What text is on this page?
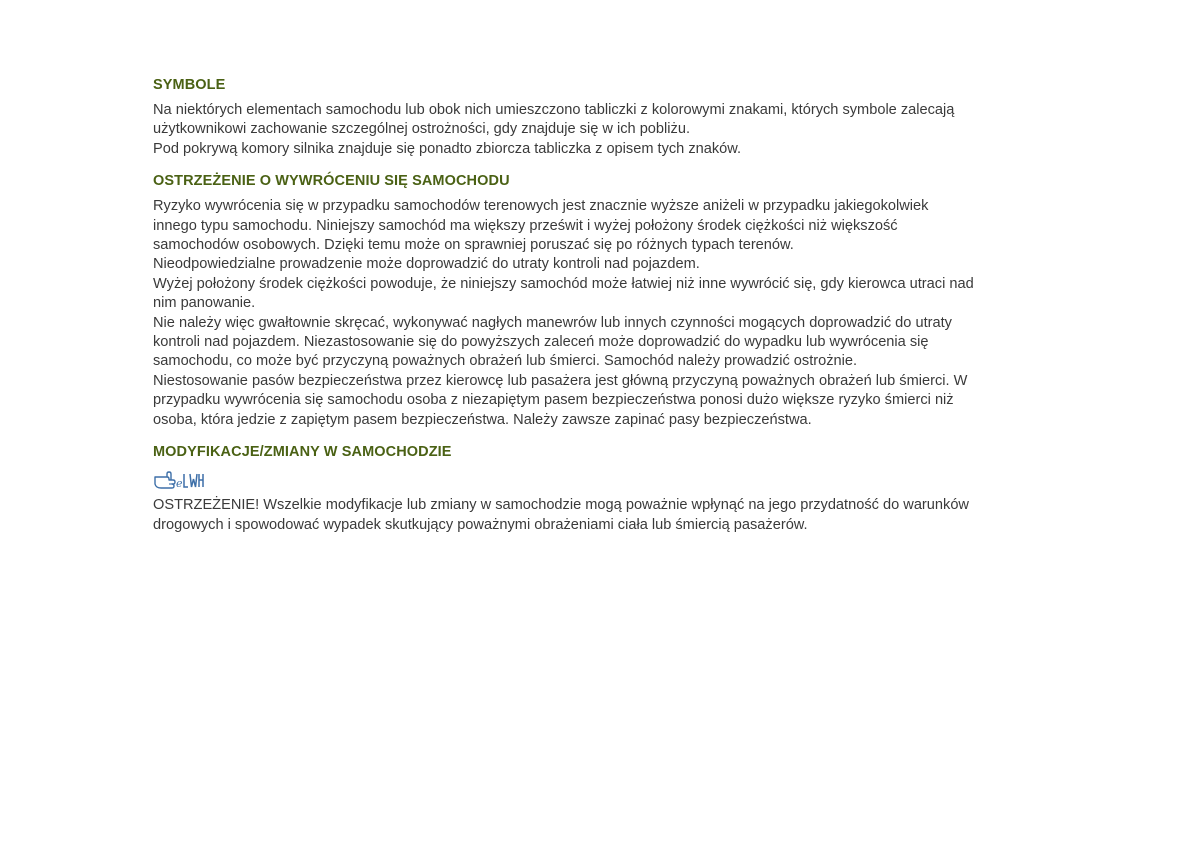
SYMBOLE

Na niektórych elementach samochodu lub obok nich umieszczono tabliczki z kolorowymi znakami, których symbole zalecają
użytkownikowi zachowanie szczególnej ostrożności, gdy znajduje się w ich pobliżu.
Pod pokrywą komory silnika znajduje się ponadto zbiorcza tabliczka z opisem tych znaków.

OSTRZEŻENIE O WYWRÓCENIU SIĘ SAMOCHODU

Ryzyko wywrócenia się w przypadku samochodów terenowych jest znacznie wyższe aniżeli w przypadku jakiegokolwiek
innego typu samochodu. Niniejszy samochód ma większy prześwit i wyżej położony środek ciężkości niż większość
samochodów osobowych. Dzięki temu może on sprawniej poruszać się po różnych typach terenów.
Nieodpowiedzialne prowadzenie może doprowadzić do utraty kontroli nad pojazdem.
Wyżej położony środek ciężkości powoduje, że niniejszy samochód może łatwiej niż inne wywrócić się, gdy kierowca utraci nad
nim panowanie.
Nie należy więc gwałtownie skręcać, wykonywać nagłych manewrów lub innych czynności mogących doprowadzić do utraty
kontroli nad pojazdem. Niezastosowanie się do powyższych zaleceń może doprowadzić do wypadku lub wywrócenia się
samochodu, co może być przyczyną poważnych obrażeń lub śmierci. Samochód należy prowadzić ostrożnie.
Niestosowanie pasów bezpieczeństwa przez kierowcę lub pasażera jest główną przyczyną poważnych obrażeń lub śmierci. W
przypadku wywrócenia się samochodu osoba z niezapiętym pasem bezpieczeństwa ponosi dużo większe ryzyko śmierci niż
osoba, która jedzie z zapiętym pasem bezpieczeństwa. Należy zawsze zapinać pasy bezpieczeństwa.

MODYFIKACJE/ZMIANY W SAMOCHODZIE
e

OSTRZEŻENIE! Wszelkie modyfikacje lub zmiany w samochodzie mogą poważnie wpłynąć na jego przydatność do warunków
drogowych i spowodować wypadek skutkujący poważnymi obrażeniami ciała lub śmiercią pasażerów.
